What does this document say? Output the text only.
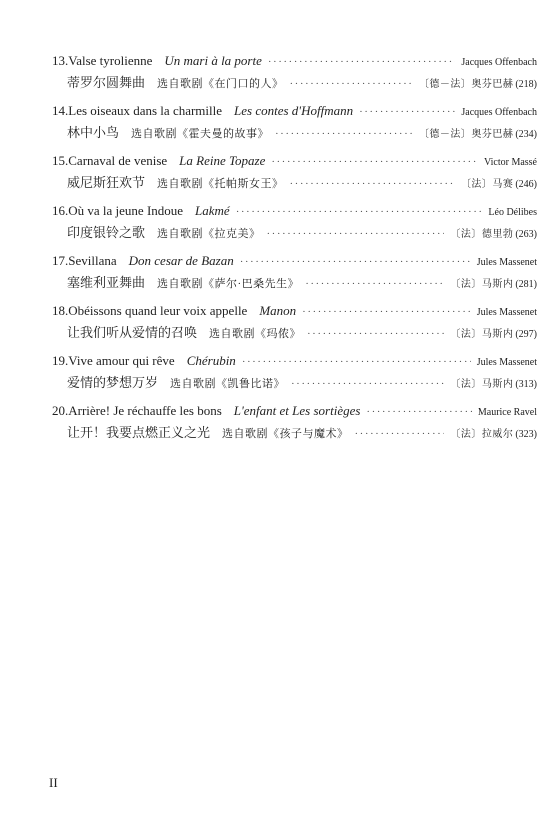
13. Valse tyrolienne Un mari à la porte ·····	Jacques Offenbach
蒂罗尔圆舞曲 选自歌剧《在门口的人》 ·····	〔德－法〕奥芬巴赫 (218)
14. Les oiseaux dans la charmille Les contes d'Hoffmann ·····	Jacques Offenbach
林中小鸟 选自歌剧《霍夫曼的故事》 ·····	〔德－法〕奥芬巴赫 (234)
15. Carnaval de venise La Reine Topaze ·····	Victor Massé
威尼斯狂欢节 选自歌剧《托帕斯女王》 ·····	〔法〕马赛 (246)
16. Où va la jeune Indoue Lakmé ·····	Léo Délibes
印度银铃之歌 选自歌剧《拉克美》 ·····	〔法〕德里勃 (263)
17. Sevillana Don cesar de Bazan ·····	Jules Massenet
塞维利亚舞曲 选自歌剧《萨尔·巴桑先生》 ·····	〔法〕马斯内 (281)
18. Obéissons quand leur voix appelle Manon ·····	Jules Massenet
让我们听从爱情的召唤 选自歌剧《玛侬》 ·····	〔法〕马斯内 (297)
19. Vive amour qui rêve Chérubin ·····	Jules Massenet
爱情的梦想万岁 选自歌剧《凯鲁比诺》 ·····	〔法〕马斯内 (313)
20. Arrière! Je réchauffe les bons L'enfant et Les sortièges ·····	Maurice Ravel
让开！我要点燃正义之光 选自歌剧《孩子与魔术》 ·····	〔法〕拉威尔 (323)
II
